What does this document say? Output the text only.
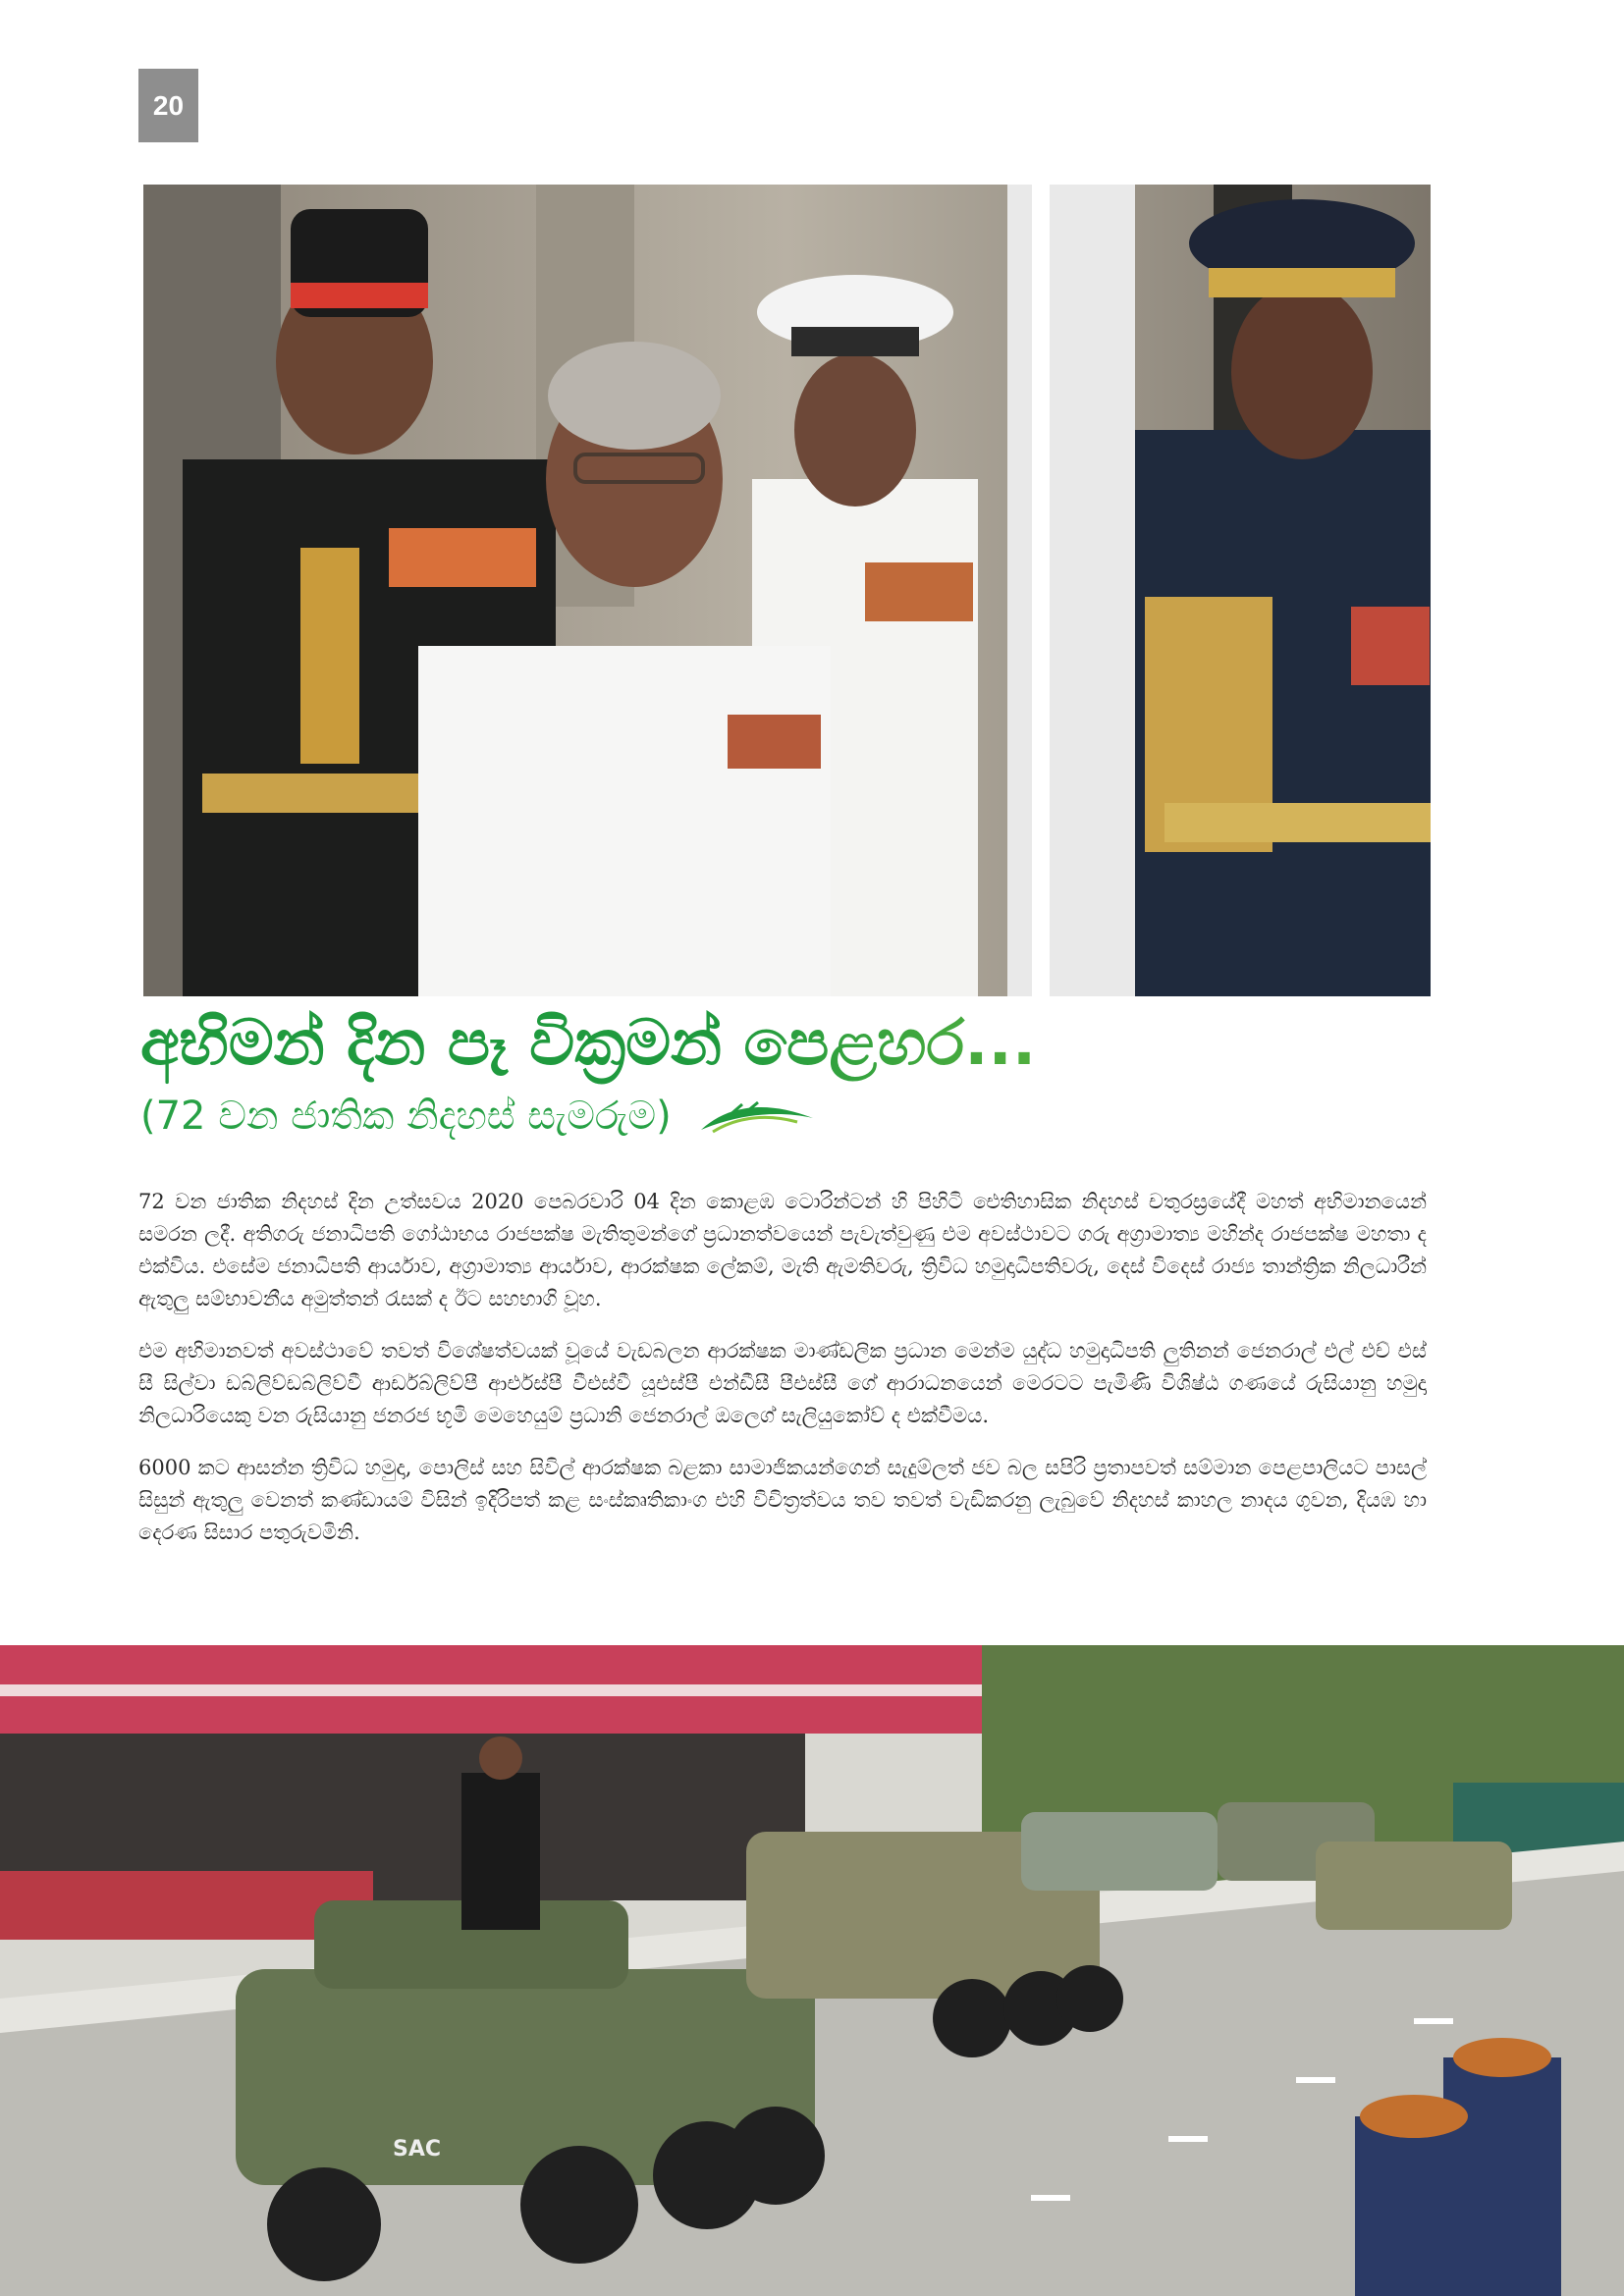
20
අභිමන් දින පෑ වික්‍රමන් පෙළහර...
(72 වන ජාතික නිදහස් සැමරුම)

72 වන ජාතික නිදහස් දින උත්සවය 2020 පෙබරවාරි 04 දින කොළඹ ටොරින්ටන් හි පිහිටි ඓතිහාසික නිදහස් චතුරස්‍රයේදී මහත් අභිමානයෙන් සමරන ලදී. අතිගරු ජනාධිපති ගෝඨාභය රාජපක්ෂ මැතිතුමන්ගේ ප්‍රධානත්වයෙන් පැවැත්වුණු එම අවස්ථාවට ගරු අග්‍රාමාත්‍ය මහින්ද රාජපක්ෂ මහතා ද එක්විය. එසේම ජනාධිපති ආර්යාව, අග්‍රාමාත්‍ය ආර්යාව, ආරක්ෂක ලේකම්, මැති ඇමතිවරු, ත්‍රිවිධ හමුදාධිපතිවරු, දෙස් විදෙස් රාජ්‍ය තාන්ත්‍රික නිලධාරීන් ඇතුලු සම්භාවනීය අමුත්තන් රැසක් ද ඊට සහභාගි වූහ.

එම අභිමානවත් අවස්ථාවේ තවත් විශේෂත්වයක් වූයේ වැඩබලන ආරක්ෂක මාණ්ඩලික ප්‍රධාන මෙන්ම යුද්ධ හමුදාධිපති ලුතිනන් ජෙනරාල් එල් එච් එස් සී සිල්වා ඩබ්ලිව්ඩබ්ලිව්වී ආර්ඩබ්ලිව්පී ආර්එස්පී වීඑස්වී යූඑස්පී එන්ඩීසී පීඑස්සී ගේ ආරාධනයෙන් මෙරටට පැමිණි විශිෂ්ඨ ගණයේ රුසියානු හමුදා නිලධාරියෙකු වන රුසියානු ජනරජ භූමි මෙහෙයුම් ප්‍රධානි ජෙනරාල් ඔලෙග් සැලියුකෝව් ද එක්වීමය.

6000 කට ආසන්න ත්‍රිවිධ හමුදා, පොලිස් සහ සිවිල් ආරක්ෂක බළකා සාමාජිකයන්ගෙන් සැදුම්ලත් ජව බල සපිරි ප්‍රතාපවත් සම්මාන පෙළපාලියට පාසල් සිසුන් ඇතුලු වෙනත් කණ්ඩායම් විසින් ඉදිරිපත් කළ සංස්කෘතිකාංග එහි විචිත්‍රත්වය තව තවත් වැඩිකරනු ලැබුවේ නිදහස් කාහල නාදය ගුවන, දියඹ හා දෙරණ සිසාර පතුරුවමිනි.

SAC
